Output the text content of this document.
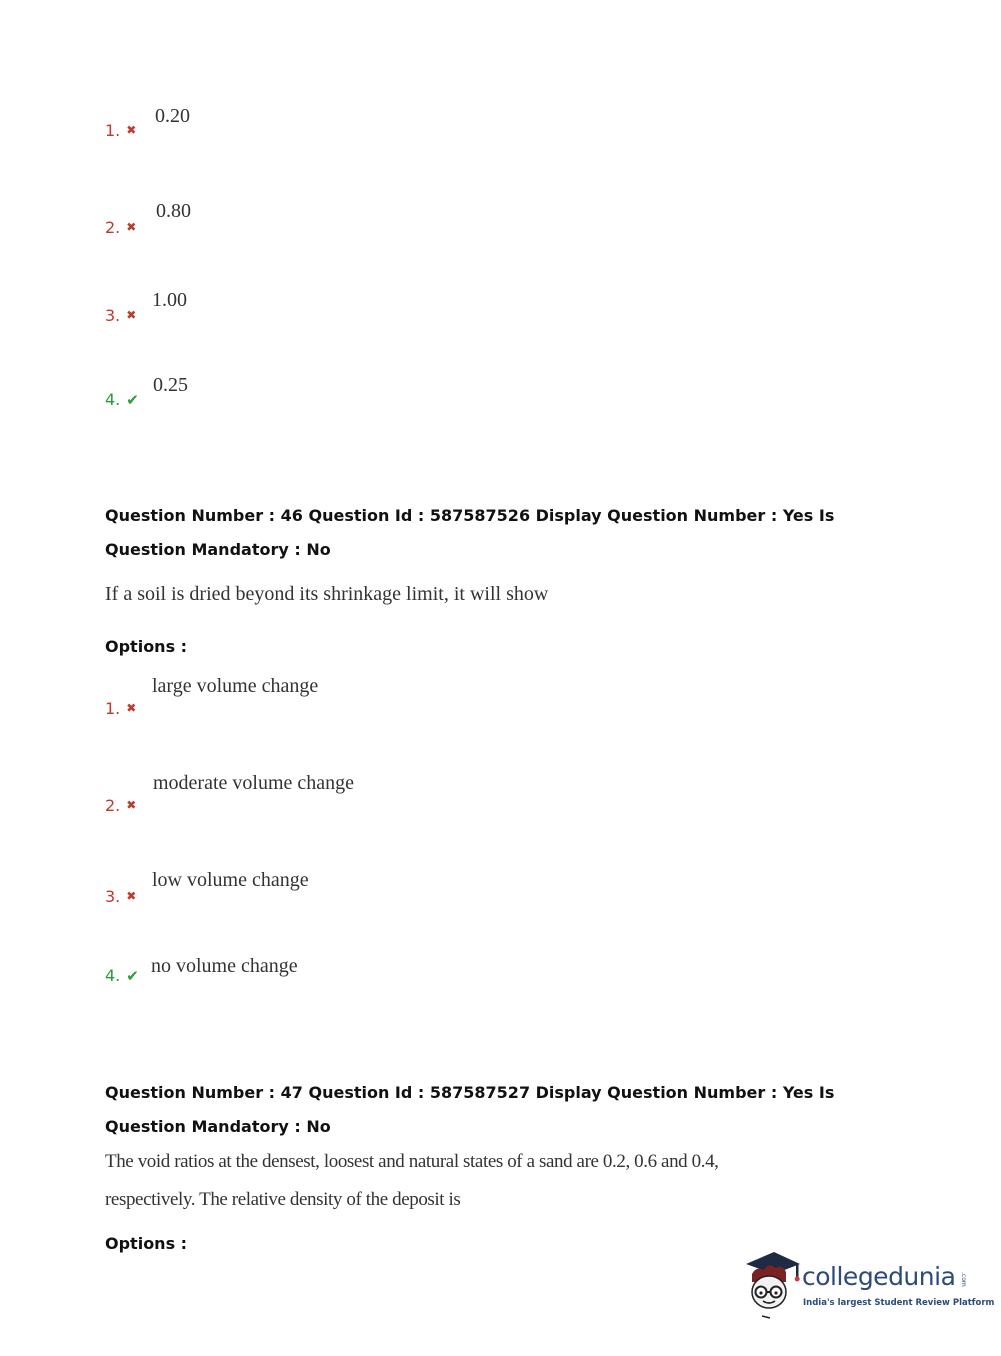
1. ✖
0.20
2. ✖
0.80
3. ✖
1.00
4. ✔
0.25
Question Number : 46 Question Id : 587587526 Display Question Number : Yes Is Question Mandatory : No
If a soil is dried beyond its shrinkage limit, it will show
Options :
1. ✖
large volume change
2. ✖
moderate volume change
3. ✖
low volume change
4. ✔ no volume change
Question Number : 47 Question Id : 587587527 Display Question Number : Yes Is Question Mandatory : No
The void ratios at the densest, loosest and natural states of a sand are 0.2, 0.6 and 0.4,
respectively. The relative density of the deposit is
Options :
collegedunia .com
India's largest Student Review Platform
